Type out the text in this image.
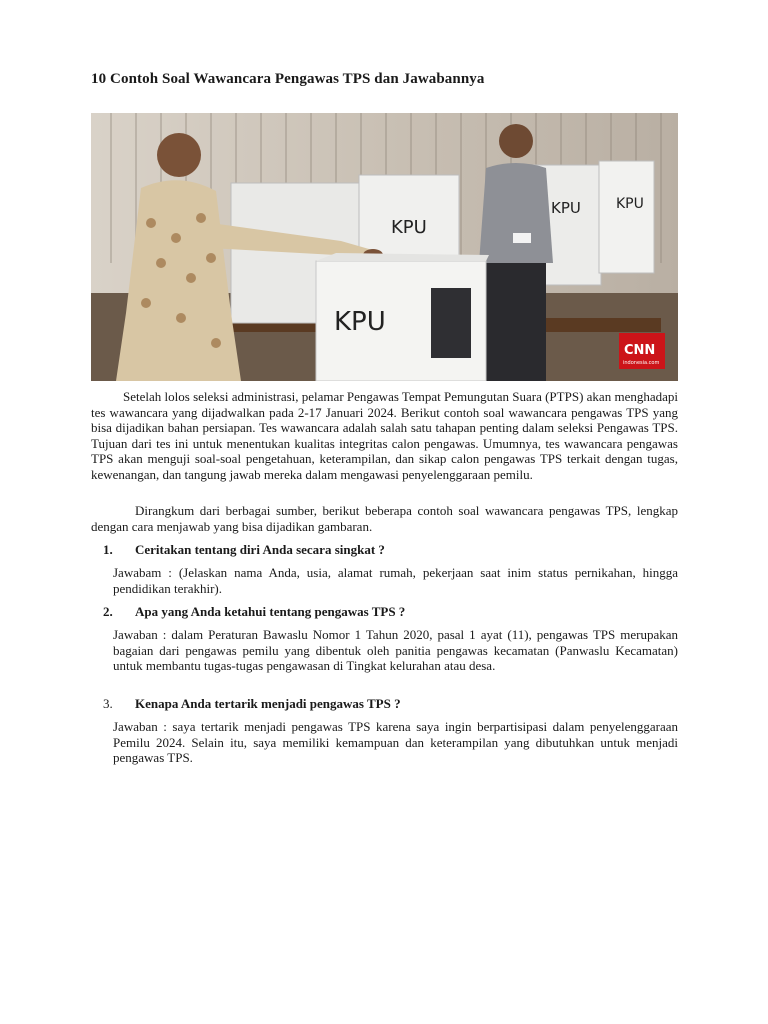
10 Contoh Soal Wawancara Pengawas TPS dan Jawabannya
KPU
KPU	KPU
KPU
CNN
indonesia.com

Setelah lolos seleksi administrasi, pelamar Pengawas Tempat Pemungutan Suara (PTPS) akan menghadapi tes wawancara yang dijadwalkan pada 2-17 Januari 2024. Berikut contoh soal wawancara pengawas TPS yang bisa dijadikan bahan persiapan. Tes wawancara adalah salah satu tahapan penting dalam seleksi Pengawas TPS. Tujuan dari tes ini untuk menentukan kualitas integritas calon pengawas. Umumnya, tes wawancara pengawas TPS akan menguji soal-soal pengetahuan, keterampilan, dan sikap calon pengawas TPS terkait dengan tugas, kewenangan, dan tangung jawab mereka dalam mengawasi penyelenggaraan pemilu.

Dirangkum dari berbagai sumber, berikut beberapa contoh soal wawancara pengawas TPS, lengkap dengan cara menjawab yang bisa dijadikan gambaran.

1. Ceritakan tentang diri Anda secara singkat ?

Jawabam : (Jelaskan nama Anda, usia, alamat rumah, pekerjaan saat inim status pernikahan, hingga pendidikan terakhir).

2. Apa yang Anda ketahui tentang pengawas TPS ?

Jawaban : dalam Peraturan Bawaslu Nomor 1 Tahun 2020, pasal 1 ayat (11), pengawas TPS merupakan bagaian dari pengawas pemilu yang dibentuk oleh panitia pengawas kecamatan (Panwaslu Kecamatan) untuk membantu tugas-tugas pengawasan di Tingkat kelurahan atau desa.

3. Kenapa Anda tertarik menjadi pengawas TPS ?

Jawaban : saya tertarik menjadi pengawas TPS karena saya ingin berpartisipasi dalam penyelenggaraan Pemilu 2024. Selain itu, saya memiliki kemampuan dan keterampilan yang dibutuhkan untuk menjadi pengawas TPS.
